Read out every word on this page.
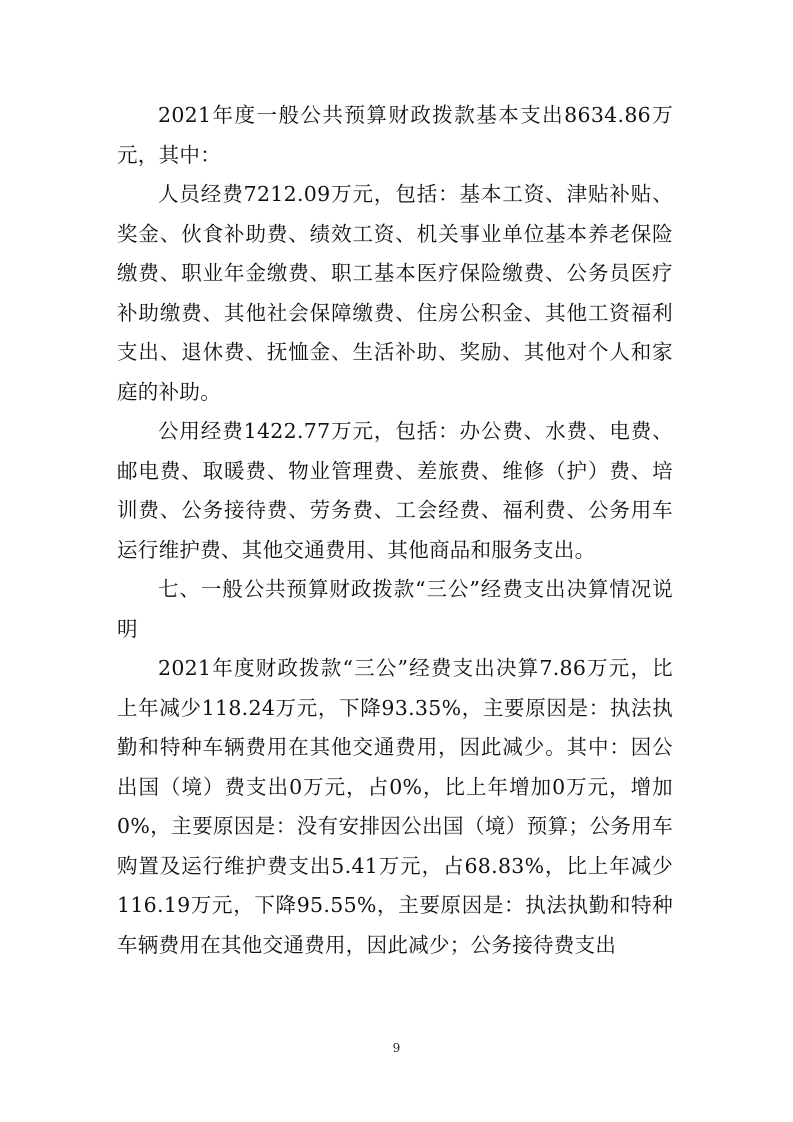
2021年度一般公共预算财政拨款基本支出8634.86万元，其中：

人员经费7212.09万元，包括：基本工资、津贴补贴、奖金、伙食补助费、绩效工资、机关事业单位基本养老保险缴费、职业年金缴费、职工基本医疗保险缴费、公务员医疗补助缴费、其他社会保障缴费、住房公积金、其他工资福利支出、退休费、抚恤金、生活补助、奖励、其他对个人和家庭的补助。

公用经费1422.77万元，包括：办公费、水费、电费、邮电费、取暖费、物业管理费、差旅费、维修（护）费、培训费、公务接待费、劳务费、工会经费、福利费、公务用车运行维护费、其他交通费用、其他商品和服务支出。

七、一般公共预算财政拨款“三公”经费支出决算情况说明

2021年度财政拨款“三公”经费支出决算7.86万元，比上年减少118.24万元，下降93.35%，主要原因是：执法执勤和特种车辆费用在其他交通费用，因此减少。其中：因公出国（境）费支出0万元，占0%，比上年增加0万元，增加0%，主要原因是：没有安排因公出国（境）预算；公务用车购置及运行维护费支出5.41万元，占68.83%，比上年减少116.19万元，下降95.55%，主要原因是：执法执勤和特种车辆费用在其他交通费用，因此减少；公务接待费支出

9
